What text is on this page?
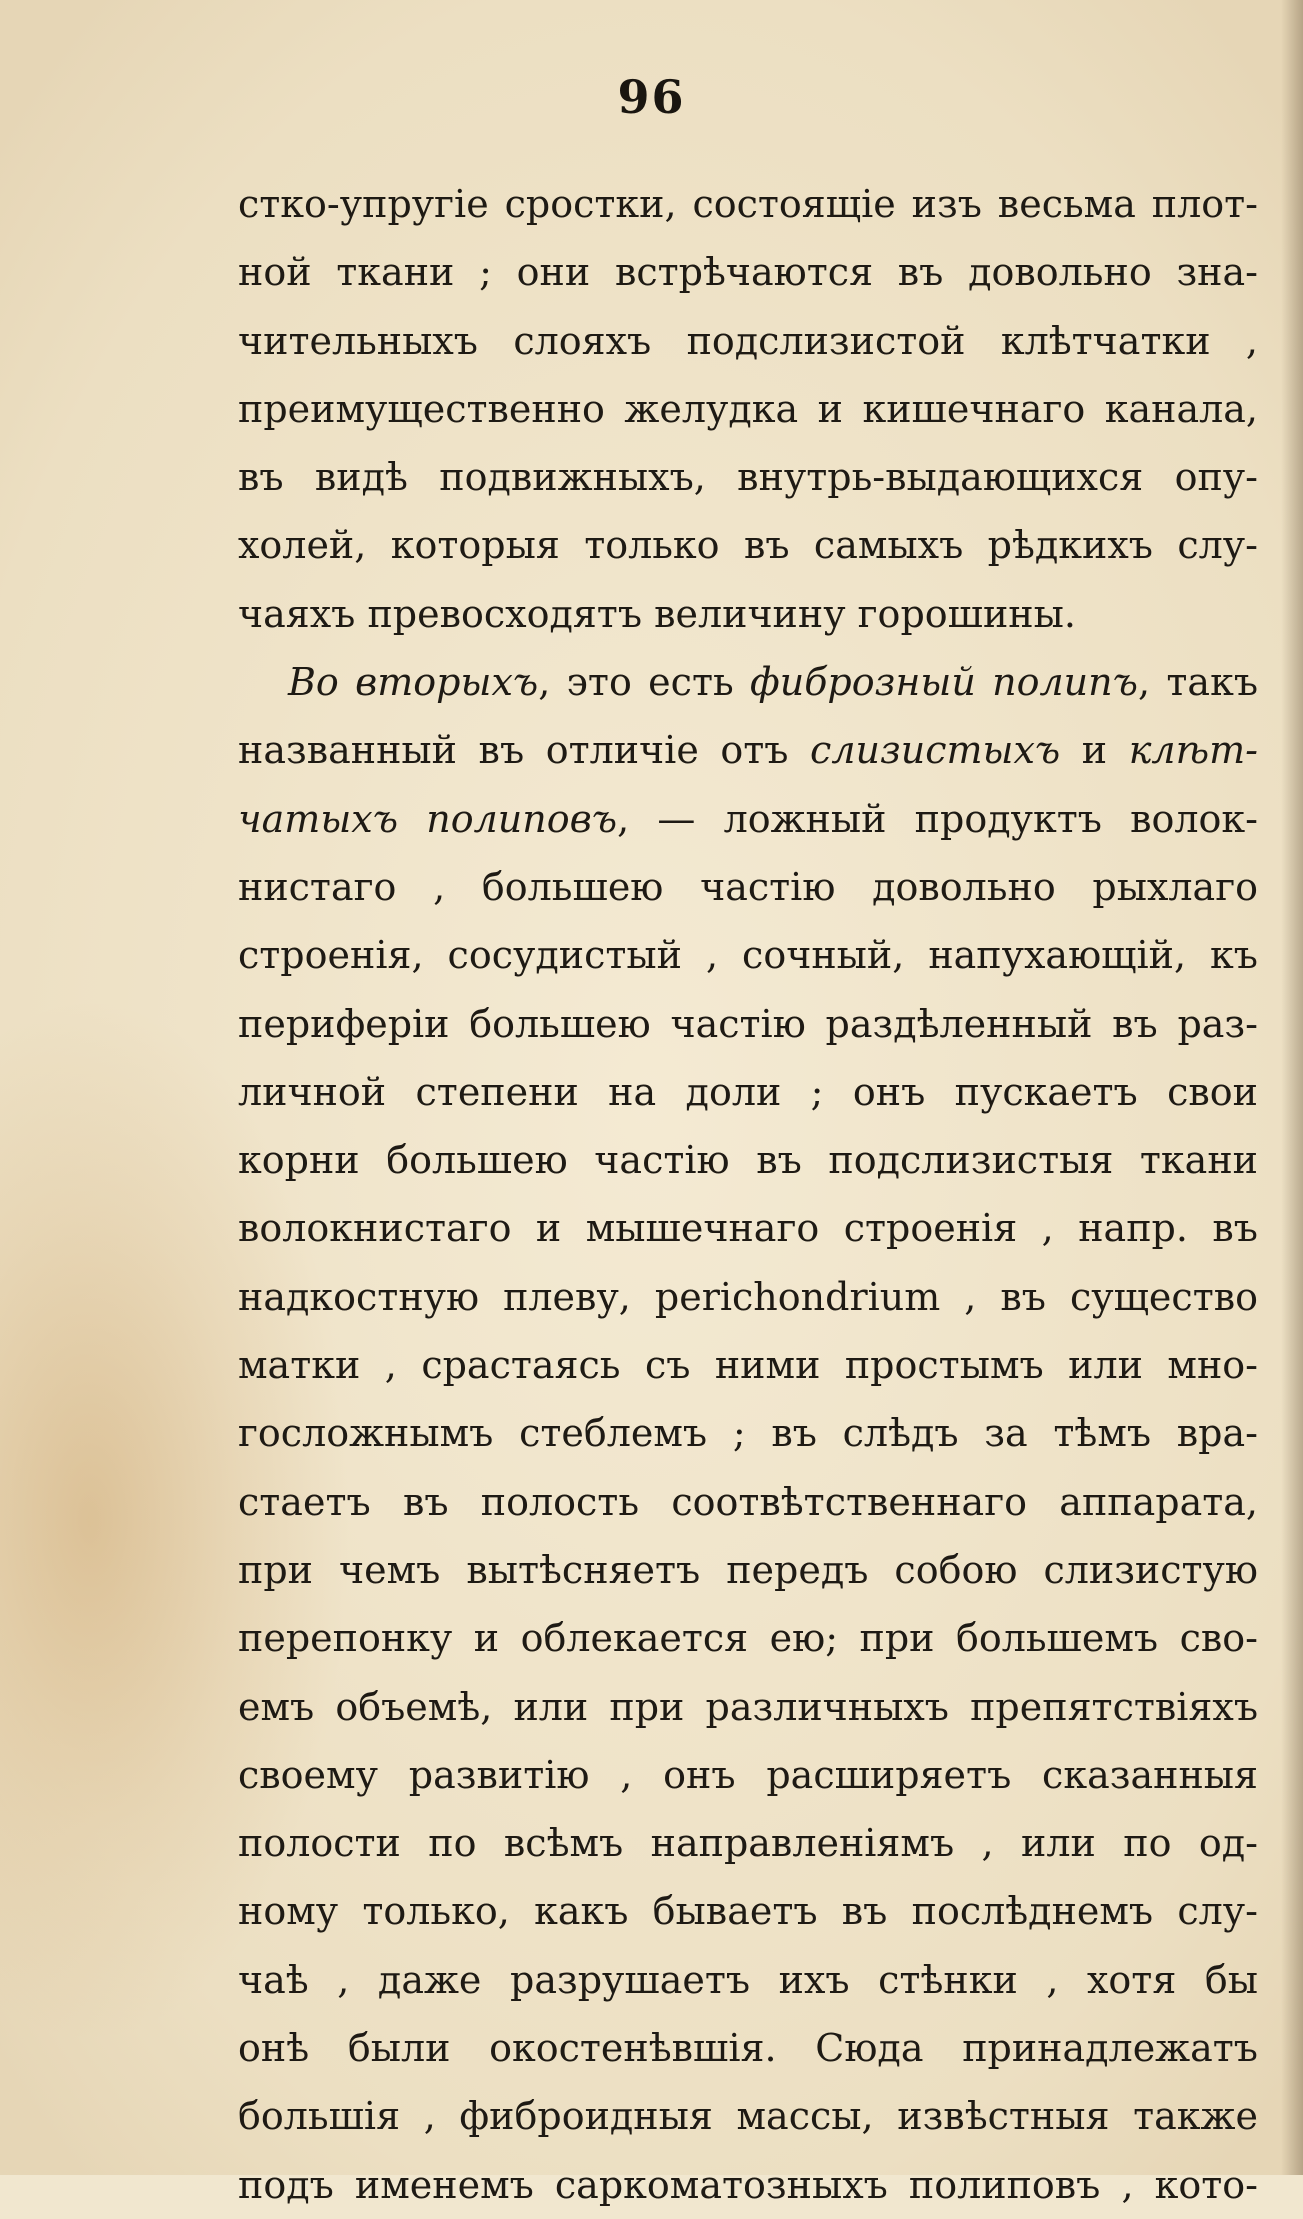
96
стко-упругіе сростки, состоящіе изъ весьма плот-
ной ткани ; они встрѣчаются въ довольно зна-
чительныхъ слояхъ подслизистой клѣтчатки ,
преимущественно желудка и кишечнаго канала,
въ видѣ подвижныхъ, внутрь-выдающихся опу-
холей, которыя только въ самыхъ рѣдкихъ слу-
чаяхъ превосходятъ величину горошины.
Во вторыхъ, это есть фиброзный полипъ, такъ
названный въ отличіе отъ слизистыхъ и клѣт-
чатыхъ полиповъ, — ложный продуктъ волок-
нистаго , большею частію довольно рыхлаго
строенія, сосудистый , сочный, напухающій, къ
периферіи большею частію раздѣленный въ раз-
личной степени на доли ; онъ пускаетъ свои
корни большею частію въ подслизистыя ткани
волокнистаго и мышечнаго строенія , напр. въ
надкостную плеву, perichondrium , въ существо
матки , срастаясь съ ними простымъ или мно-
госложнымъ стеблемъ ; въ слѣдъ за тѣмъ вра-
стаетъ въ полость соотвѣтственнаго аппарата,
при чемъ вытѣсняетъ передъ собою слизистую
перепонку и облекается ею; при большемъ сво-
емъ объемѣ, или при различныхъ препятствіяхъ
своему развитію , онъ расширяетъ сказанныя
полости по всѣмъ направленіямъ , или по од-
ному только, какъ бываетъ въ послѣднемъ слу-
чаѣ , даже разрушаетъ ихъ стѣнки , хотя бы
онѣ были окостенѣвшія. Сюда принадлежатъ
большія , фиброидныя массы, извѣстныя также
подъ именемъ саркоматозныхъ полиповъ , кото-
